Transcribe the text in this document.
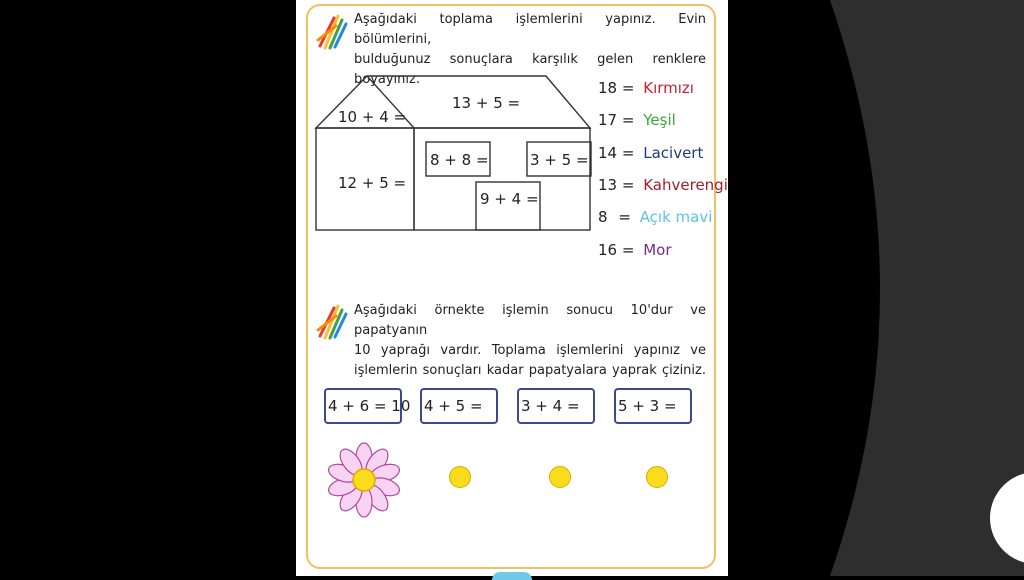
Aşağıdaki toplama işlemlerini yapınız. Evin bölümlerini,
bulduğunuz sonuçlara karşılık gelen renklere boyayınız.
10 + 4 =
13 + 5 =
12 + 5 =
8 + 8 =	3 + 5 =
9 + 4 =
18 = Kırmızı
17 = Yeşil
14 = Lacivert
13 = Kahverengi
8 = Açık mavi
16 = Mor
Aşağıdaki örnekte işlemin sonucu 10'dur ve papatyanın
10 yaprağı vardır. Toplama işlemlerini yapınız ve
işlemlerin sonuçları kadar papatyalara yaprak çiziniz.
4 + 6 = 10 4 + 5 =	3 + 4 =	5 + 3 =
